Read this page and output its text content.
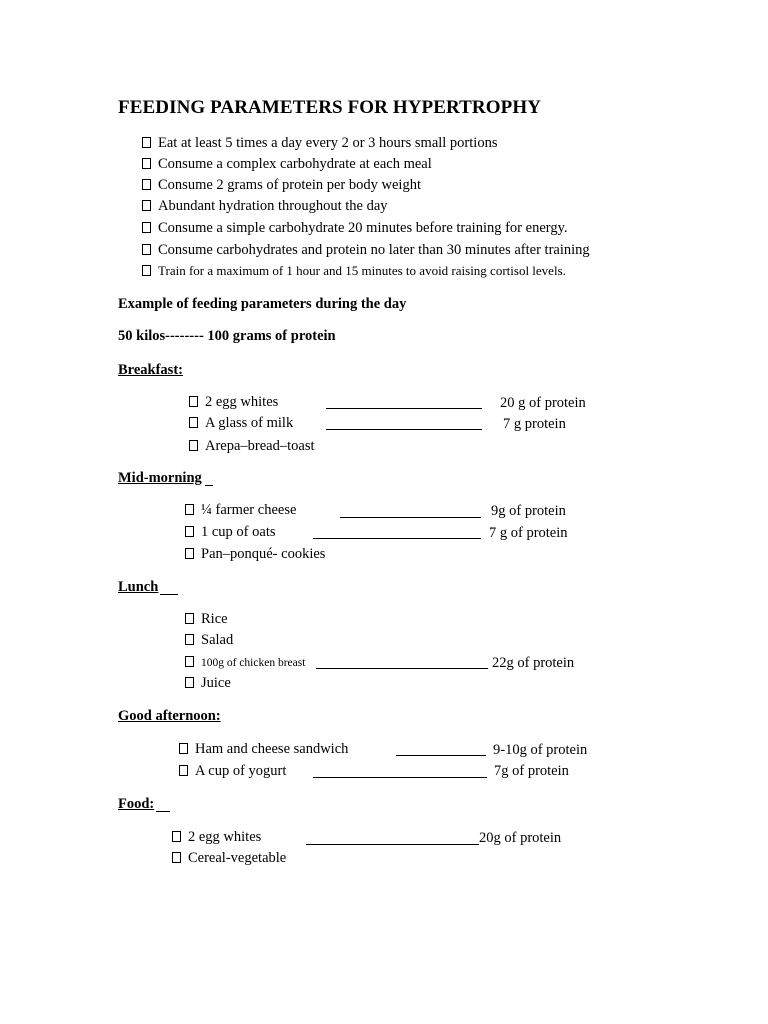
FEEDING PARAMETERS FOR HYPERTROPHY
Eat at least 5 times a day every 2 or 3 hours small portions
Consume a complex carbohydrate at each meal
Consume 2 grams of protein per body weight
Abundant hydration throughout the day
Consume a simple carbohydrate 20 minutes before training for energy.
Consume carbohydrates and protein no later than 30 minutes after training
Train for a maximum of 1 hour and 15 minutes to avoid raising cortisol levels.
Example of feeding parameters during the day
50 kilos-------- 100 grams of protein
Breakfast:
2 egg whites	20 g of protein
A glass of milk	7 g protein
Arepa–bread–toast
Mid-morning
¼ farmer cheese	9g of protein
1 cup of oats	7 g of protein
Pan–ponqué- cookies
Lunch
Rice
Salad
100g of chicken breast	22g of protein
Juice
Good afternoon:
Ham and cheese sandwich	9-10g of protein
A cup of yogurt	7g of protein
Food:
2 egg whites	20g of protein
Cereal-vegetable
